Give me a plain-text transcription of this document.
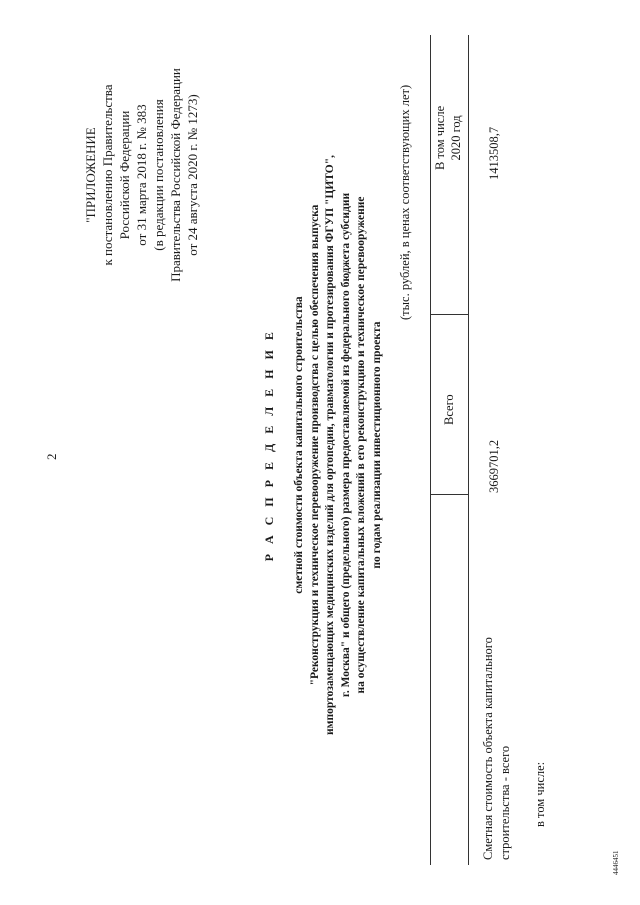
2
"ПРИЛОЖЕНИЕ к постановлению Правительства Российской Федерации от 31 марта 2018 г. № 383 (в редакции постановления Правительства Российской Федерации от 24 августа 2020 г. № 1273)
Р А С П Р Е Д Е Л Е Н И Е сметной стоимости объекта капитального строительства "Реконструкция и техническое перевооружение производства с целью обеспечения выпуска импортозамещающих медицинских изделий для ортопедии, травматологии и протезирования ФГУП "ЦИТО", г. Москва" и общего (предельного) размера предоставляемой из федерального бюджета субсидии на осуществление капитальных вложений в его реконструкцию и техническое перевооружение по годам реализации инвестиционного проекта
(тыс. рублей, в ценах соответствующих лет)
Всего
В том числе 2020 год
Сметная стоимость объекта капитального строительства - всего
3669701,2
1413508,7
в том числе:
4446451
